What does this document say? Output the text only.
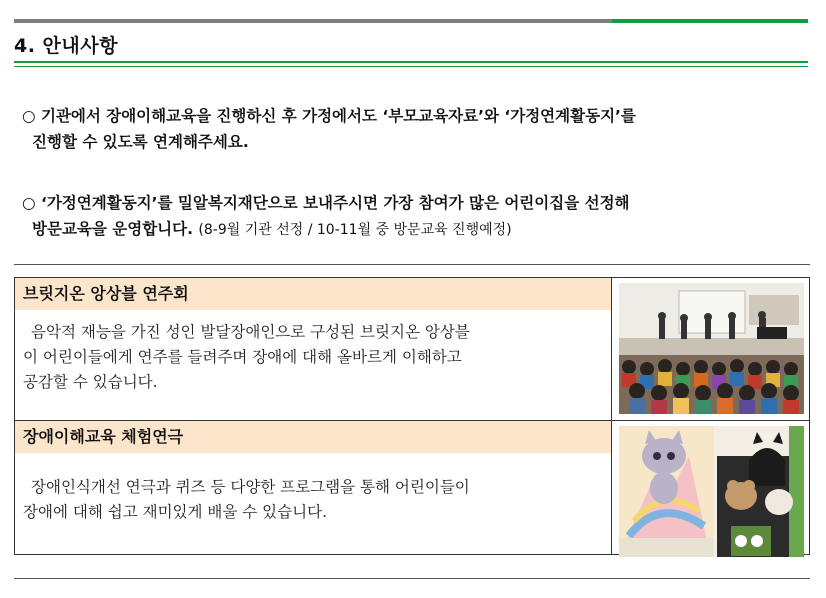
4. 안내사항
○ 기관에서 장애이해교육을 진행하신 후 가정에서도 ‘부모교육자료’와 ‘가정연계활동지’를
진행할 수 있도록 연계해주세요.
○ ‘가정연계활동지’를 밀알복지재단으로 보내주시면 가장 참여가 많은 어린이집을 선정해
방문교육을 운영합니다. (8-9월 기관 선정 / 10-11월 중 방문교육 진행예정)
브릿지온 앙상블 연주회
음악적 재능을 가진 성인 발달장애인으로 구성된 브릿지온 앙상블
이 어린이들에게 연주를 들려주며 장애에 대해 올바르게 이해하고
공감할 수 있습니다.
장애이해교육 체험연극
장애인식개선 연극과 퀴즈 등 다양한 프로그램을 통해 어린이들이
장애에 대해 쉽고 재미있게 배울 수 있습니다.
